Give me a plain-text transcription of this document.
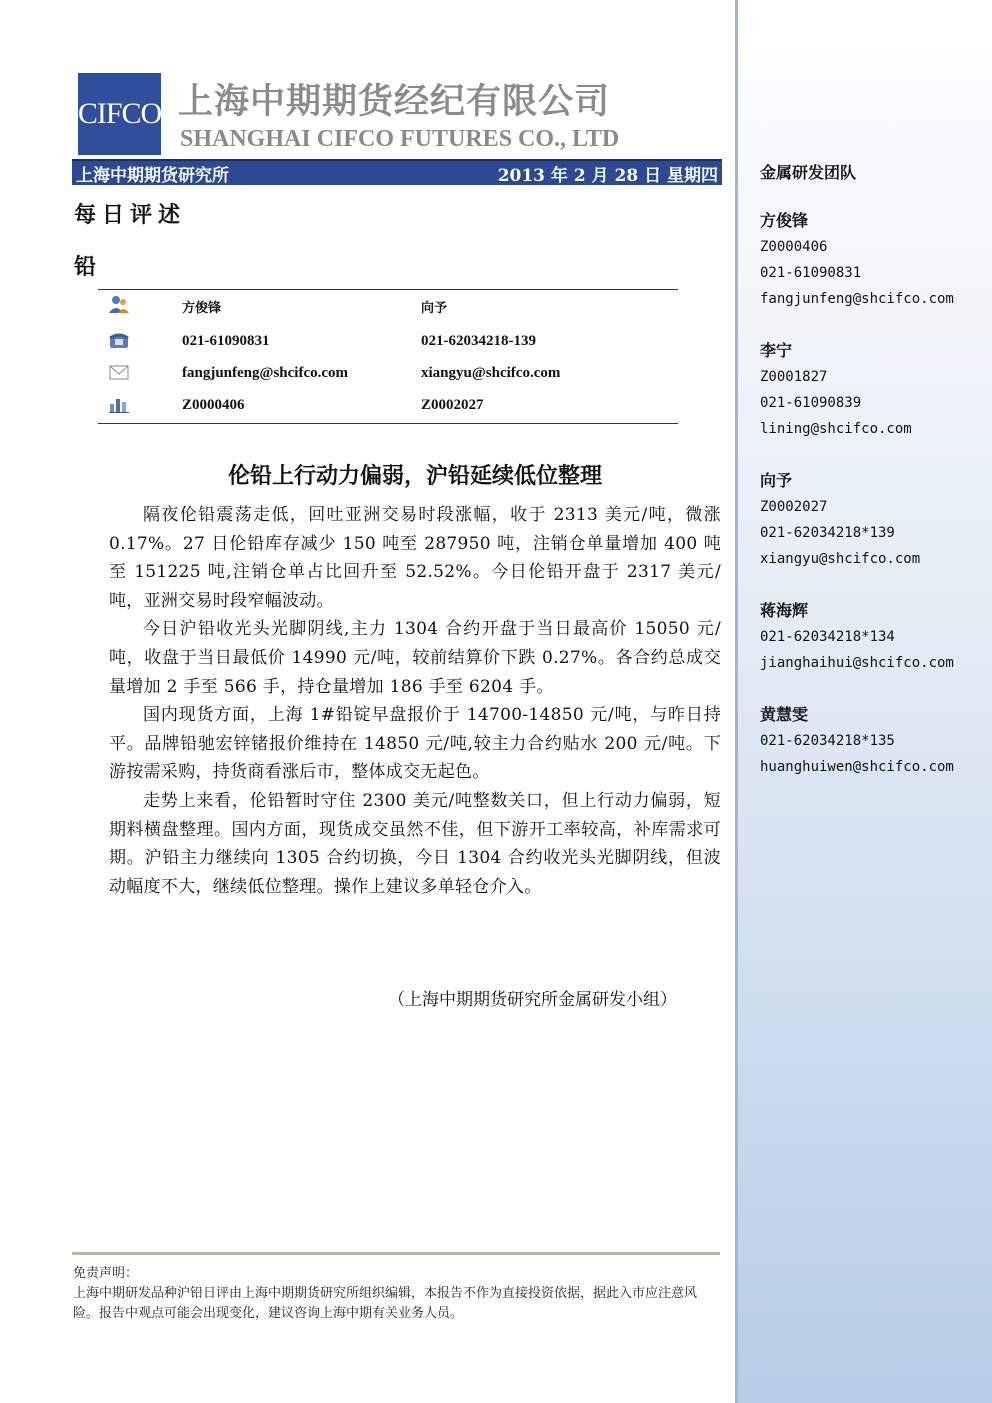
金属研发团队
方俊锋
Z0000406
021-61090831
fangjunfeng@shcifco.com
李宁
Z0001827
021-61090839
lining@shcifco.com
向予
Z0002027
021-62034218*139
xiangyu@shcifco.com
蒋海辉
021-62034218*134
jianghaihui@shcifco.com
黄慧雯
021-62034218*135
huanghuiwen@shcifco.com
CIFCO 上海中期期货经纪有限公司
SHANGHAI CIFCO FUTURES CO., LTD
上海中期期货研究所	2013 年 2 月 28 日 星期四
每日评述
铅
方俊锋	向予
021-61090831	021-62034218-139
fangjunfeng@shcifco.com	xiangyu@shcifco.com
Z0000406	Z0002027
伦铅上行动力偏弱，沪铅延续低位整理

隔夜伦铅震荡走低，回吐亚洲交易时段涨幅，收于 2313 美元/吨，微涨 0.17%。27 日伦铅库存减少 150 吨至 287950 吨，注销仓单量增加 400 吨至 151225 吨,注销仓单占比回升至 52.52%。今日伦铅开盘于 2317 美元/吨，亚洲交易时段窄幅波动。

今日沪铅收光头光脚阴线,主力 1304 合约开盘于当日最高价 15050 元/吨，收盘于当日最低价 14990 元/吨，较前结算价下跌 0.27%。各合约总成交量增加 2 手至 566 手，持仓量增加 186 手至 6204 手。

国内现货方面，上海 1#铅锭早盘报价于 14700-14850 元/吨，与昨日持平。品牌铅驰宏锌锗报价维持在 14850 元/吨,较主力合约贴水 200 元/吨。下游按需采购，持货商看涨后市，整体成交无起色。

走势上来看，伦铅暂时守住 2300 美元/吨整数关口，但上行动力偏弱，短期料横盘整理。国内方面，现货成交虽然不佳，但下游开工率较高，补库需求可期。沪铅主力继续向 1305 合约切换，今日 1304 合约收光头光脚阴线，但波动幅度不大，继续低位整理。操作上建议多单轻仓介入。

（上海中期期货研究所金属研发小组）
免责声明：
上海中期研发品种沪铅日评由上海中期期货研究所组织编辑，本报告不作为直接投资依据，据此入市应注意风险。报告中观点可能会出现变化，建议咨询上海中期有关业务人员。
